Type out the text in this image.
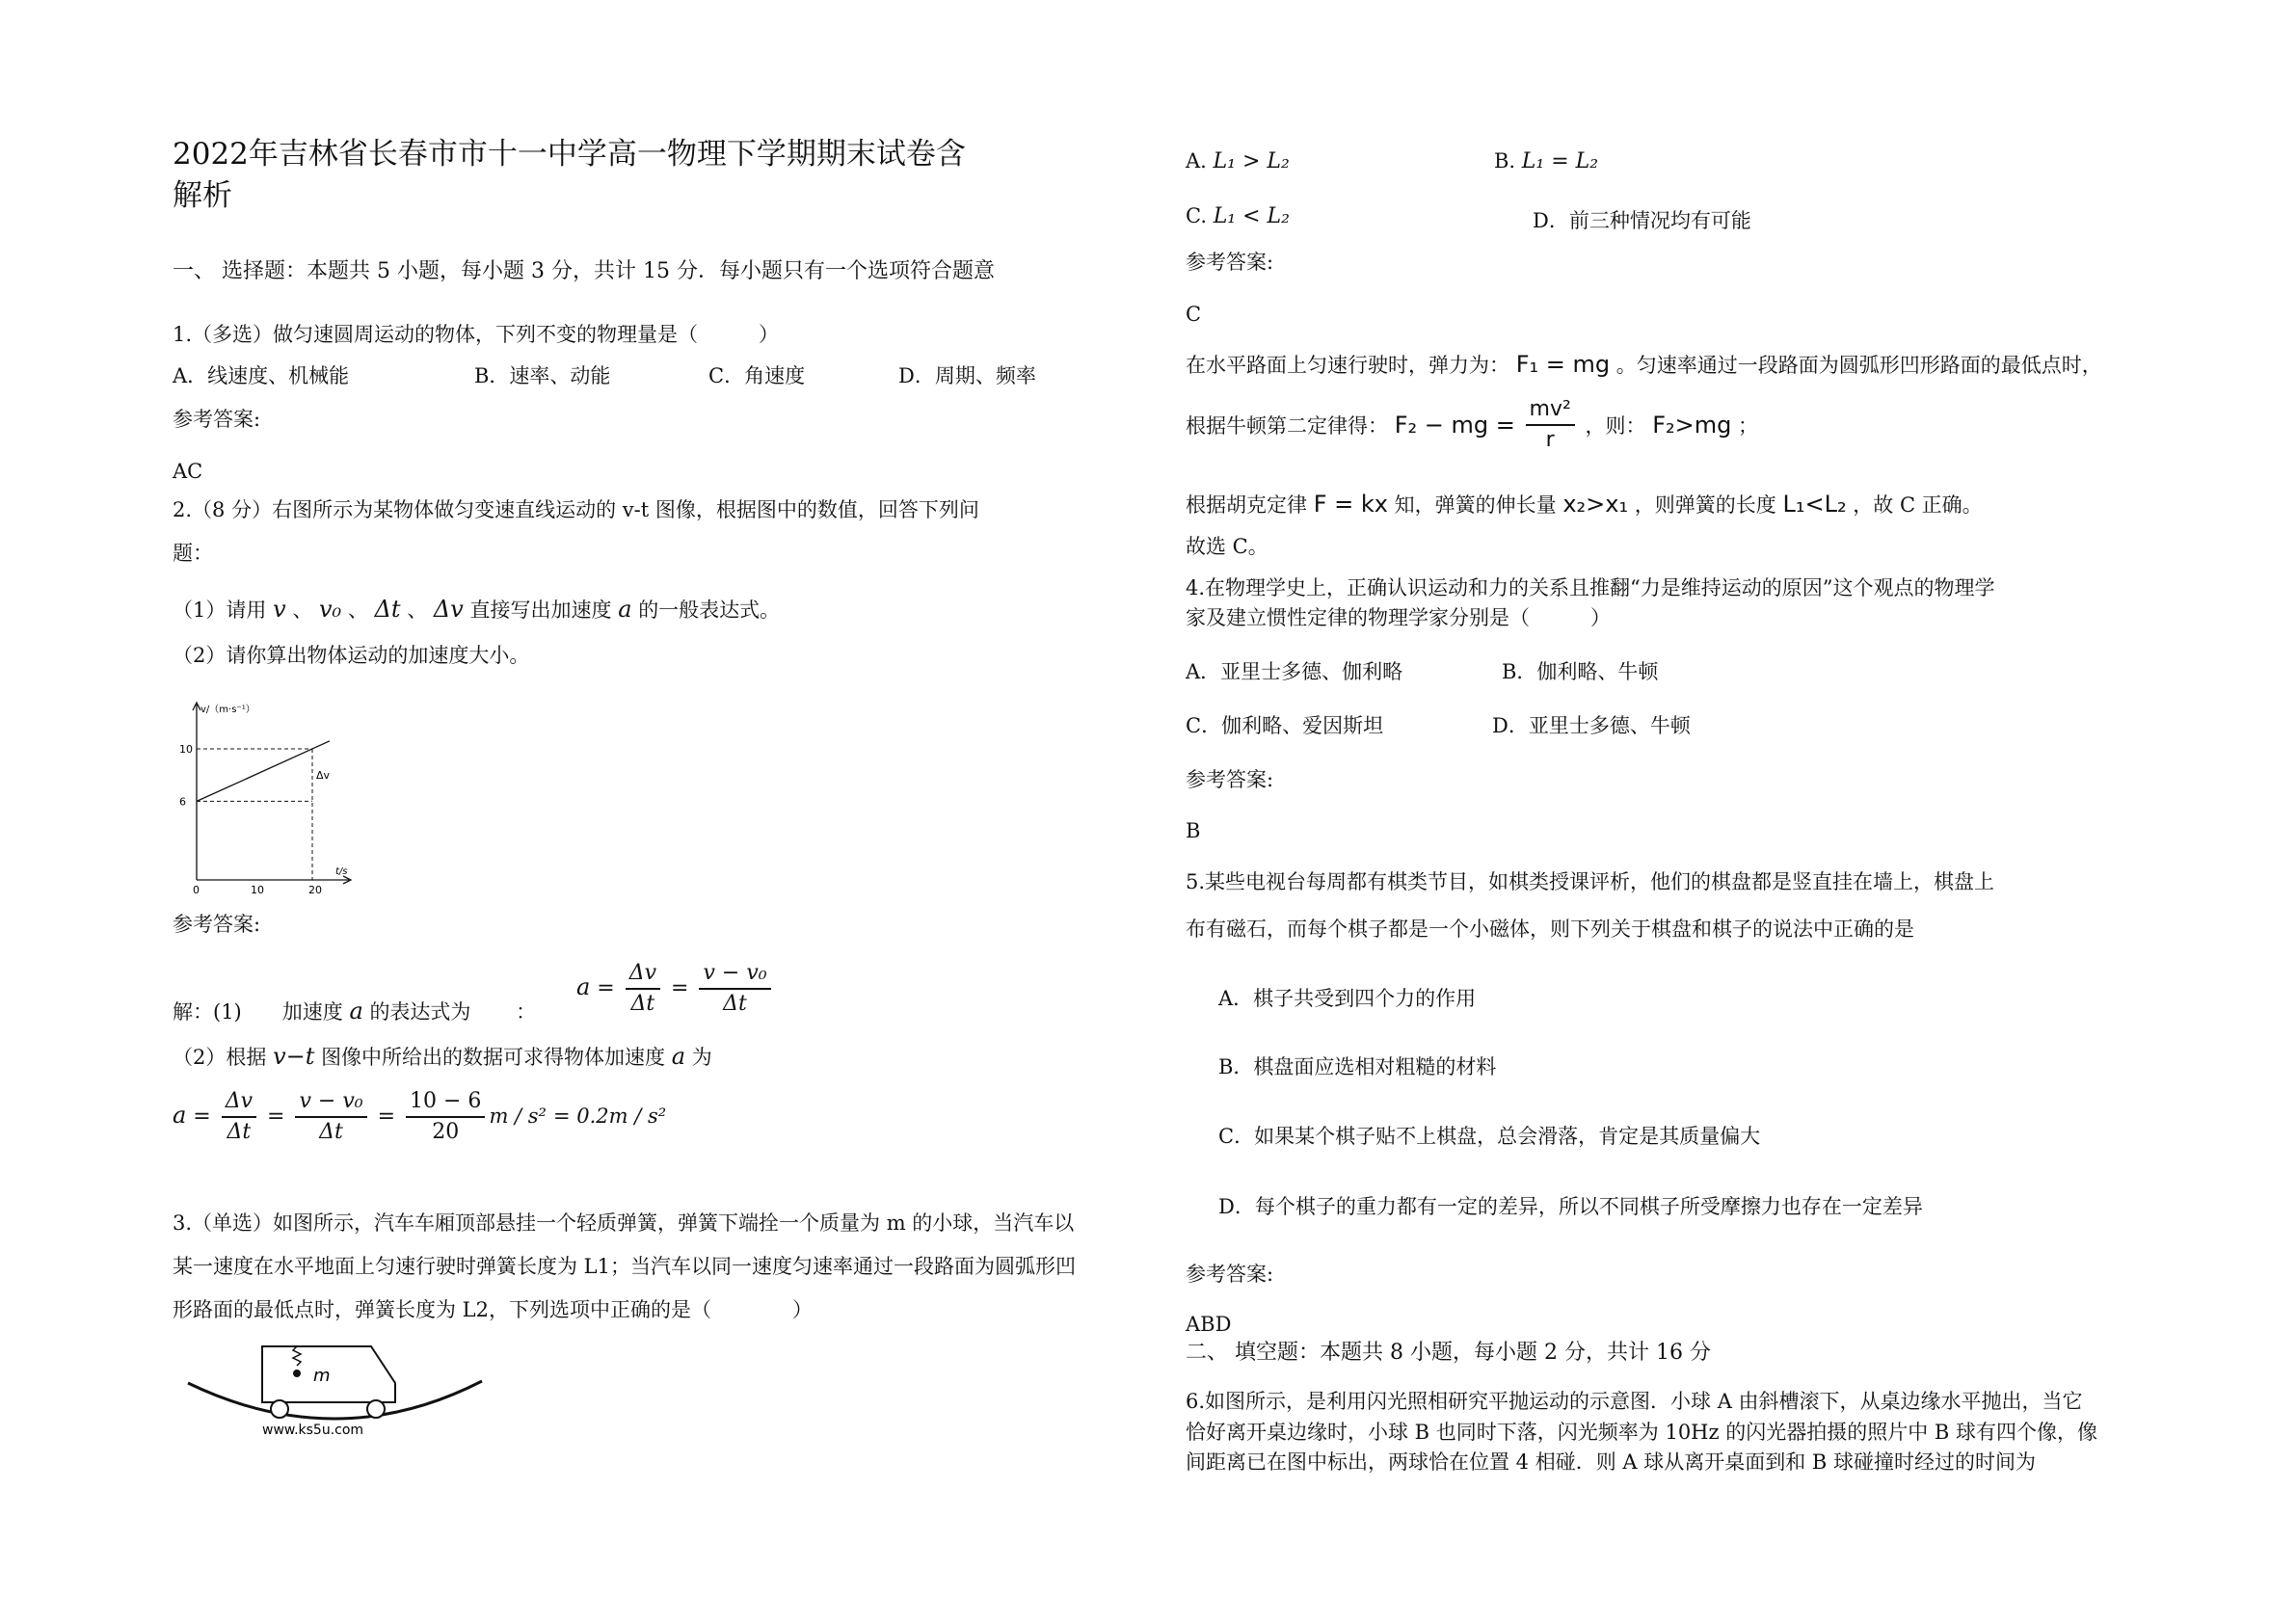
2022年吉林省长春市市十一中学高一物理下学期期末试卷含
解析
一、 选择题：本题共 5 小题，每小题 3 分，共计 15 分．每小题只有一个选项符合题意
1.（多选）做匀速圆周运动的物体，下列不变的物理量是（　　　）
A．线速度、机械能	B．速率、动能	C．角速度	D．周期、频率
参考答案:
AC
2.（8 分）右图所示为某物体做匀变速直线运动的 v-t 图像，根据图中的数值，回答下列问
题：
（1）请用 v 、 v₀ 、 Δt 、 Δv 直接写出加速度 a 的一般表达式。
（2）请你算出物体运动的加速度大小。
v/（m·s⁻¹）
t/s
0	10	20
6
10
Δv
参考答案:
解：(1)　　加速度 a 的表达式为 ：
$a = \frac{\Delta v}{\Delta t} = \frac{\text{v − v₀}}{\Delta t}$
（2）根据 v−t 图像中所给出的数据可求得物体加速度 a 为
$a = \frac{\Delta v}{\Delta t} = \frac{\text{v − v₀}}{\Delta t} = \frac{10 - 6}{20}$ m / s² = 0.2m / s²
3.（单选）如图所示，汽车车厢顶部悬挂一个轻质弹簧，弹簧下端拴一个质量为 m 的小球，当汽车以
某一速度在水平地面上匀速行驶时弹簧长度为 L1；当汽车以同一速度匀速率通过一段路面为圆弧形凹
形路面的最低点时，弹簧长度为 L2，下列选项中正确的是（　　　　）
m
www.ks5u.com
A. L₁ > L₂	B. L₁ = L₂
C. L₁ < L₂	D．前三种情况均有可能
参考答案:
C
在水平路面上匀速行驶时，弹力为： F₁ = mg 。匀速率通过一段路面为圆弧形凹形路面的最低点时，
根据牛顿第二定律得： F₂ − mg = $\frac{\text{mv²}}{r}$ ，则： F₂>mg ；
根据胡克定律 F = kx 知，弹簧的伸长量 x₂>x₁ ，则弹簧的长度 L₁<L₂ ，故 C 正确。
故选 C。
4.在物理学史上，正确认识运动和力的关系且推翻“力是维持运动的原因”这个观点的物理学
家及建立惯性定律的物理学家分别是（　　　）
A．亚里士多德、伽利略	B．伽利略、牛顿
C．伽利略、爱因斯坦	D．亚里士多德、牛顿
参考答案:
B
5.某些电视台每周都有棋类节目，如棋类授课评析，他们的棋盘都是竖直挂在墙上，棋盘上
布有磁石，而每个棋子都是一个小磁体，则下列关于棋盘和棋子的说法中正确的是
A．棋子共受到四个力的作用
B．棋盘面应选相对粗糙的材料
C．如果某个棋子贴不上棋盘，总会滑落，肯定是其质量偏大
D．每个棋子的重力都有一定的差异，所以不同棋子所受摩擦力也存在一定差异
参考答案:
ABD
二、 填空题：本题共 8 小题，每小题 2 分，共计 16 分
6.如图所示，是利用闪光照相研究平抛运动的示意图．小球 A 由斜槽滚下，从桌边缘水平抛出，当它
恰好离开桌边缘时，小球 B 也同时下落，闪光频率为 10Hz 的闪光器拍摄的照片中 B 球有四个像，像
间距离已在图中标出，两球恰在位置 4 相碰．则 A 球从离开桌面到和 B 球碰撞时经过的时间为
